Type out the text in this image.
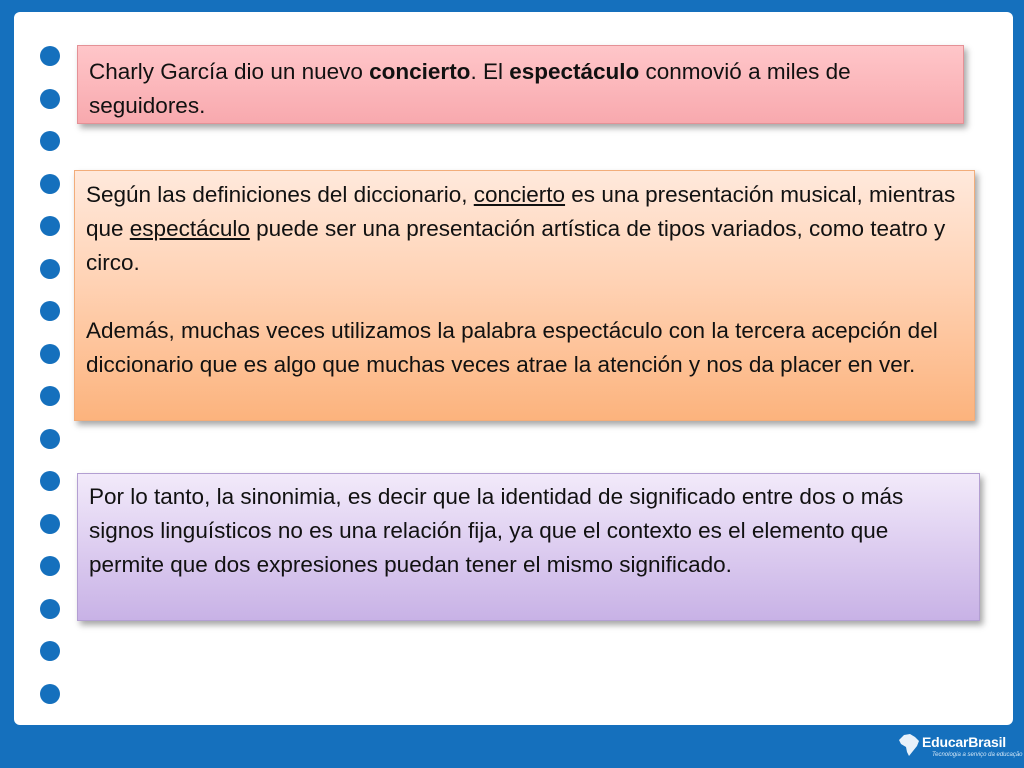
Charly García dio un nuevo concierto. El espectáculo conmovió a miles de seguidores.

Según las definiciones del diccionario, concierto es una presentación musical, mientras que espectáculo puede ser una presentación artística de tipos variados, como teatro y circo.

Además, muchas veces utilizamos la palabra espectáculo con la tercera acepción del diccionario que es algo que muchas veces atrae la atención y nos da placer en ver.

Por lo tanto, la sinonimia, es decir que la identidad de significado entre dos o más signos linguísticos no es una relación fija, ya que el contexto es el elemento que permite que dos expresiones puedan tener el mismo significado.

EducarBrasil
Tecnologia a serviço da educação
